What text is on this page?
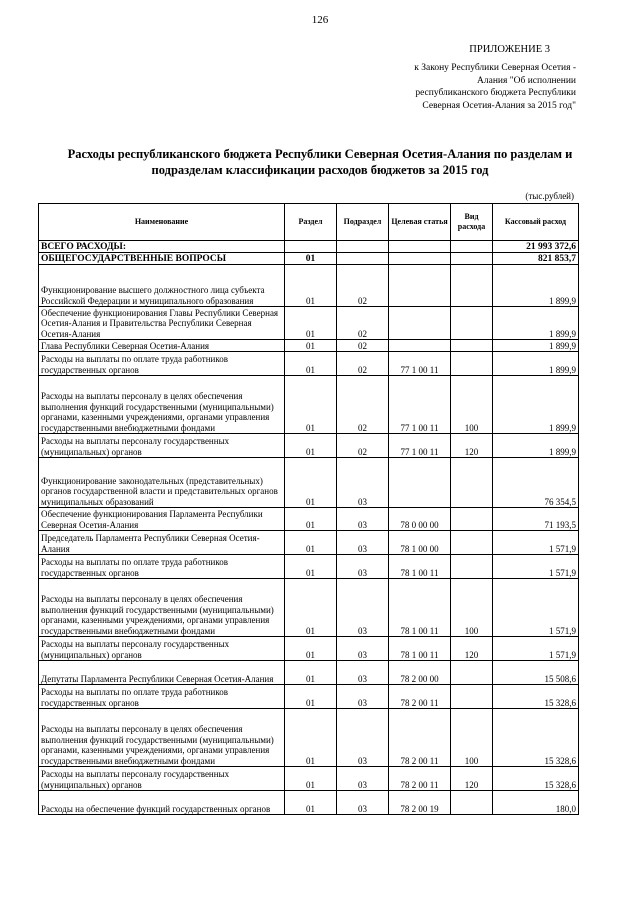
126
ПРИЛОЖЕНИЕ 3
к Закону Республики Северная Осетия - Алания "Об исполнении республиканского бюджета Республики Северная Осетия-Алания за 2015 год"
Расходы республиканского бюджета Республики Северная Осетия-Алания по разделам и подразделам классификации расходов бюджетов за 2015 год
(тыс.рублей)
Наименование	Раздел	Подраздел	Целевая статья	Вид расхода	Кассовый расход
ВСЕГО РАСХОДЫ:					21 993 372,6
ОБЩЕГОСУДАРСТВЕННЫЕ ВОПРОСЫ	01				821 853,7
Функционирование высшего должностного лица субъекта Российской Федерации и муниципального образования	01	02			1 899,9
Обеспечение функционирования Главы Республики Северная Осетия-Алания и Правительства Республики Северная Осетия-Алания	01	02			1 899,9
Глава Республики Северная Осетия-Алания	01	02			1 899,9
Расходы на выплаты по оплате труда работников государственных органов	01	02	77 1 00 11		1 899,9
Расходы на выплаты персоналу в целях обеспечения выполнения функций государственными (муниципальными) органами, казенными учреждениями, органами управления государственными внебюджетными фондами	01	02	77 1 00 11	100	1 899,9
Расходы на выплаты персоналу государственных (муниципальных) органов	01	02	77 1 00 11	120	1 899,9
Функционирование законодательных (представительных) органов государственной власти и представительных органов муниципальных образований	01	03			76 354,5
Обеспечение функционирования Парламента Республики Северная Осетия-Алания	01	03	78 0 00 00		71 193,5
Председатель Парламента Республики Северная Осетия-Алания	01	03	78 1 00 00		1 571,9
Расходы на выплаты по оплате труда работников государственных органов	01	03	78 1 00 11		1 571,9
Расходы на выплаты персоналу в целях обеспечения выполнения функций государственными (муниципальными) органами, казенными учреждениями, органами управления государственными внебюджетными фондами	01	03	78 1 00 11	100	1 571,9
Расходы на выплаты персоналу государственных (муниципальных) органов	01	03	78 1 00 11	120	1 571,9
Депутаты Парламента Республики Северная Осетия-Алания	01	03	78 2 00 00		15 508,6
Расходы на выплаты по оплате труда работников государственных органов	01	03	78 2 00 11		15 328,6
Расходы на выплаты персоналу в целях обеспечения выполнения функций государственными (муниципальными) органами, казенными учреждениями, органами управления государственными внебюджетными фондами	01	03	78 2 00 11	100	15 328,6
Расходы на выплаты персоналу государственных (муниципальных) органов	01	03	78 2 00 11	120	15 328,6
Расходы на обеспечение функций государственных органов	01	03	78 2 00 19		180,0
